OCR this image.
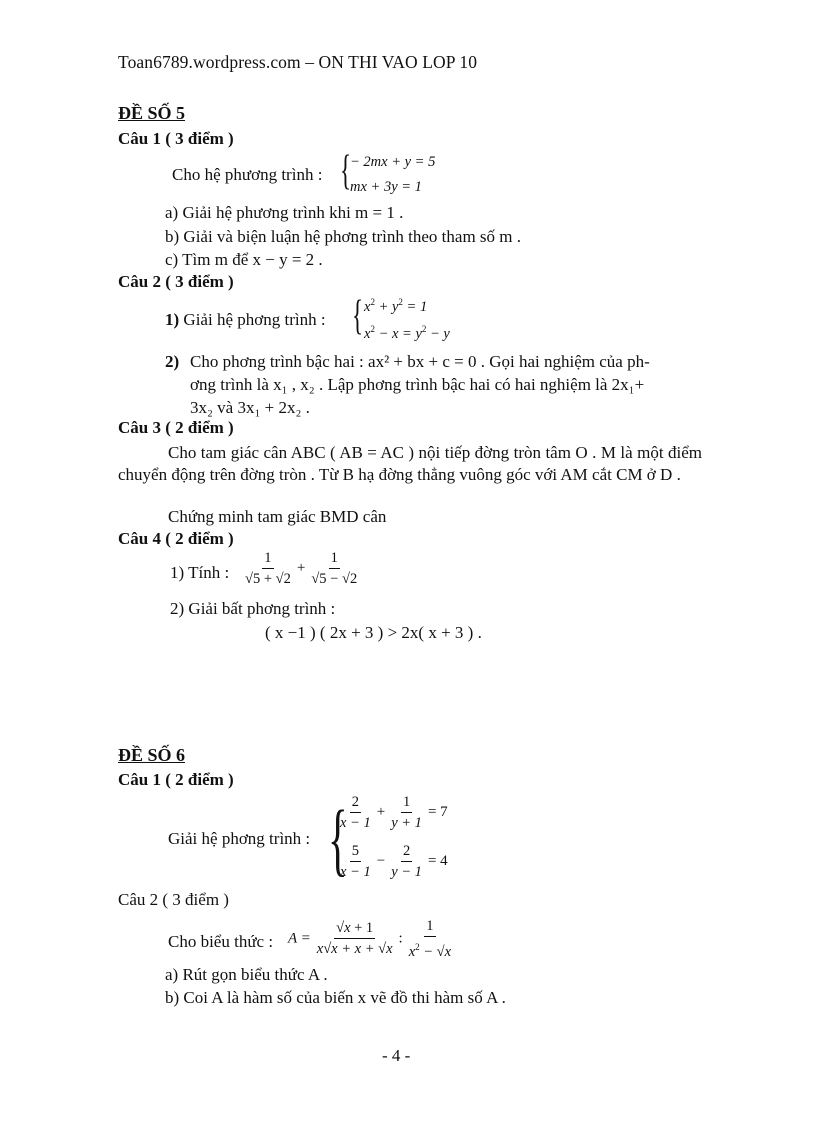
Toan6789.wordpress.com – ON THI VAO LOP 10
ĐỀ SỐ 5
Câu 1 ( 3 điểm )
Cho hệ phương trình : {
− 2mx + y = 5
mx + 3y = 1
a) Giải hệ phương trình khi m = 1 .
b) Giải và biện luận hệ phơng trình theo tham số m .
c) Tìm m để x − y = 2 .
Câu 2 ( 3 điểm )
1) Giải hệ phơng trình : { $x^2 + y^2 = 1$
$x^2 - x = y^2 - y$
2) Cho phơng trình bậc hai : ax² + bx + c = 0 . Gọi hai nghiệm của ph-
ơng trình là x₁ , x₂ . Lập phơng trình bậc hai có hai nghiệm là 2x₁+
3x₂ và 3x₁ + 2x₂ .
Câu 3 ( 2 điểm )
Cho tam giác cân ABC ( AB = AC ) nội tiếp đờng tròn tâm O . M là một điểm chuyển động trên đờng tròn . Từ B hạ đờng thẳng vuông góc với AM cắt CM ở D .
Chứng minh tam giác BMD cân
Câu 4 ( 2 điểm )
1) Tính : $\frac{1}{√5 + √2} + \frac{1}{√5 - √2}$
2) Giải bất phơng trình :
( x −1 ) ( 2x + 3 ) > 2x( x + 3 ) .
ĐỀ SỐ 6
Câu 1 ( 2 điểm )
Giải hệ phơng trình : {
$\frac{2}{x - 1} + \frac{1}{y + 1} = 7$
$\frac{5}{x - 1} - \frac{2}{y - 1} = 4$
Câu 2 ( 3 điểm )
Cho biểu thức : $A = \frac{√x + 1}{x√x + x + √x}$ : $\frac{1}{x^2 - √x}$
a) Rút gọn biểu thức A .
b) Coi A là hàm số của biến x vẽ đồ thi hàm số A .
- 4 -
